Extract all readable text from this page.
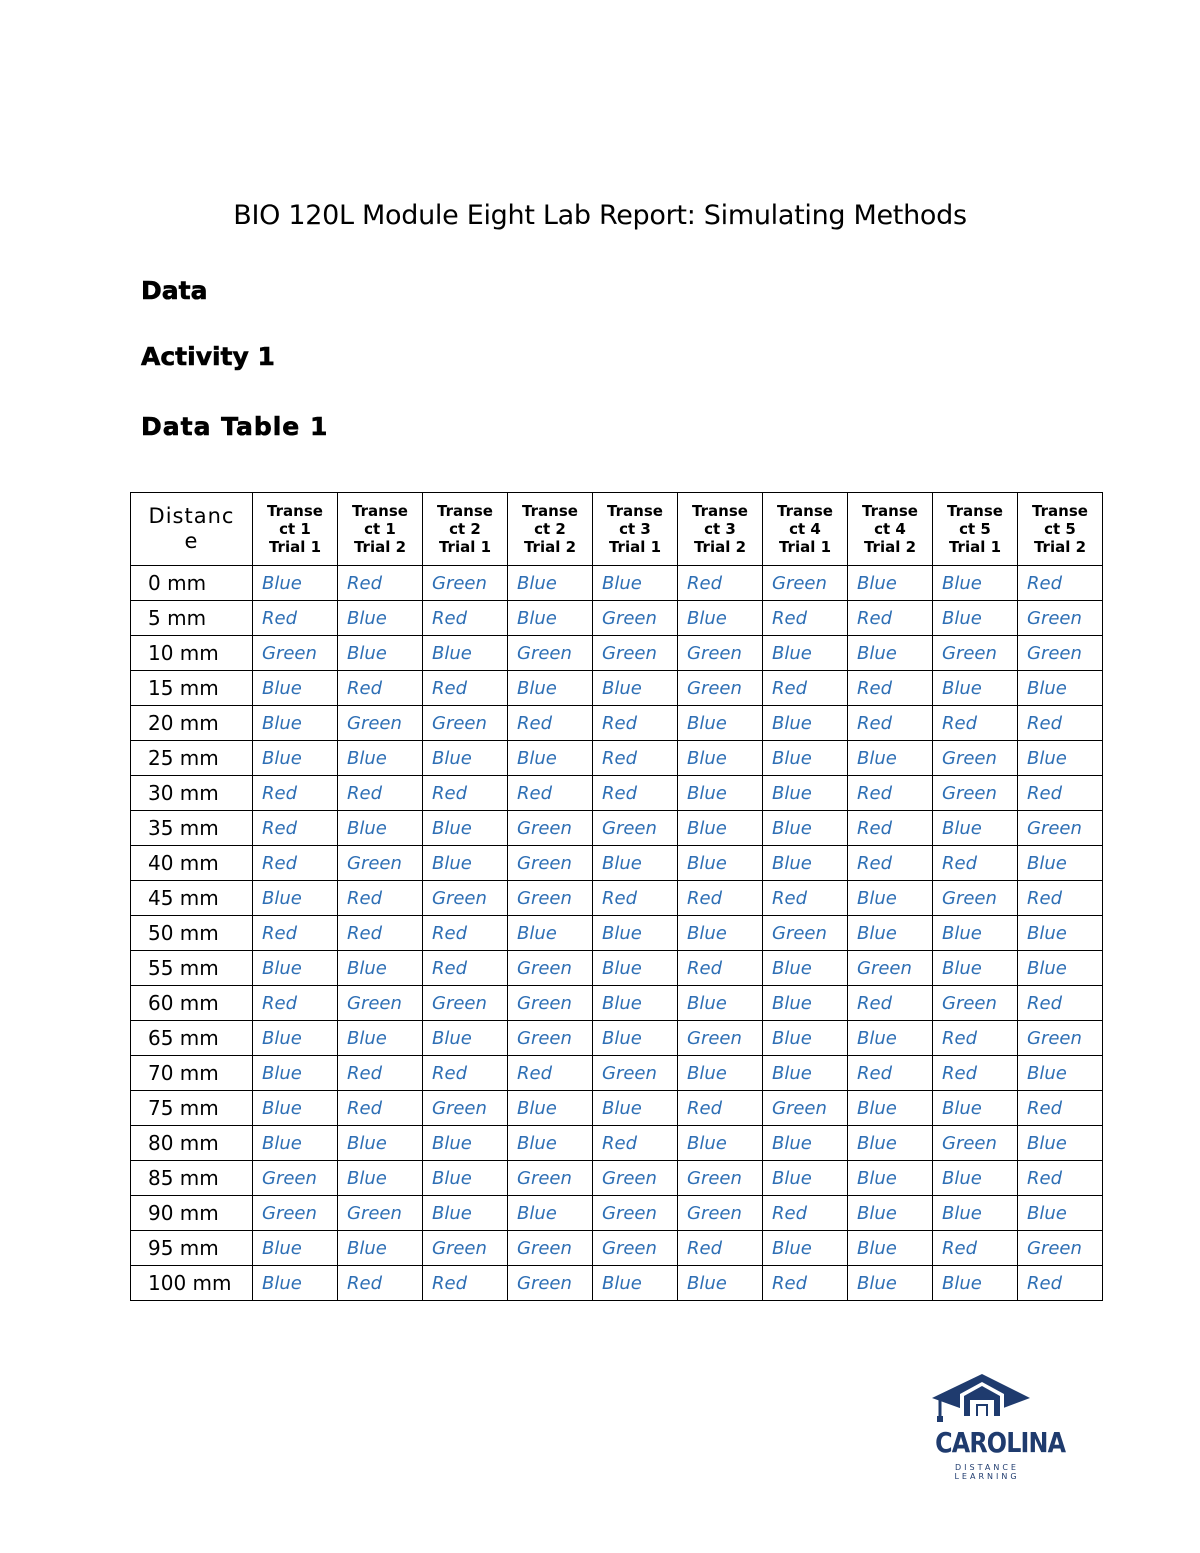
BIO 120L Module Eight Lab Report: Simulating Methods
Data
Activity 1
Data Table 1
Distanc
e	Transe
ct 1
Trial 1	Transe
ct 1
Trial 2	Transe
ct 2
Trial 1	Transe
ct 2
Trial 2	Transe
ct 3
Trial 1	Transe
ct 3
Trial 2	Transe
ct 4
Trial 1	Transe
ct 4
Trial 2	Transe
ct 5
Trial 1	Transe
ct 5
Trial 2

0 mm	Blue	Red	Green	Blue	Blue	Red	Green	Blue	Blue	Red
5 mm	Red	Blue	Red	Blue	Green	Blue	Red	Red	Blue	Green
10 mm	Green	Blue	Blue	Green	Green	Green	Blue	Blue	Green	Green
15 mm	Blue	Red	Red	Blue	Blue	Green	Red	Red	Blue	Blue
20 mm	Blue	Green	Green	Red	Red	Blue	Blue	Red	Red	Red
25 mm	Blue	Blue	Blue	Blue	Red	Blue	Blue	Blue	Green	Blue
30 mm	Red	Red	Red	Red	Red	Blue	Blue	Red	Green	Red
35 mm	Red	Blue	Blue	Green	Green	Blue	Blue	Red	Blue	Green
40 mm	Red	Green	Blue	Green	Blue	Blue	Blue	Red	Red	Blue
45 mm	Blue	Red	Green	Green	Red	Red	Red	Blue	Green	Red
50 mm	Red	Red	Red	Blue	Blue	Blue	Green	Blue	Blue	Blue
55 mm	Blue	Blue	Red	Green	Blue	Red	Blue	Green	Blue	Blue
60 mm	Red	Green	Green	Green	Blue	Blue	Blue	Red	Green	Red
65 mm	Blue	Blue	Blue	Green	Blue	Green	Blue	Blue	Red	Green
70 mm	Blue	Red	Red	Red	Green	Blue	Blue	Red	Red	Blue
75 mm	Blue	Red	Green	Blue	Blue	Red	Green	Blue	Blue	Red
80 mm	Blue	Blue	Blue	Blue	Red	Blue	Blue	Blue	Green	Blue
85 mm	Green	Blue	Blue	Green	Green	Green	Blue	Blue	Blue	Red
90 mm	Green	Green	Blue	Blue	Green	Green	Red	Blue	Blue	Blue
95 mm	Blue	Blue	Green	Green	Green	Red	Blue	Blue	Red	Green
100 mm	Blue	Red	Red	Green	Blue	Blue	Red	Blue	Blue	Red
CAROLINA
DISTANCE LEARNING
